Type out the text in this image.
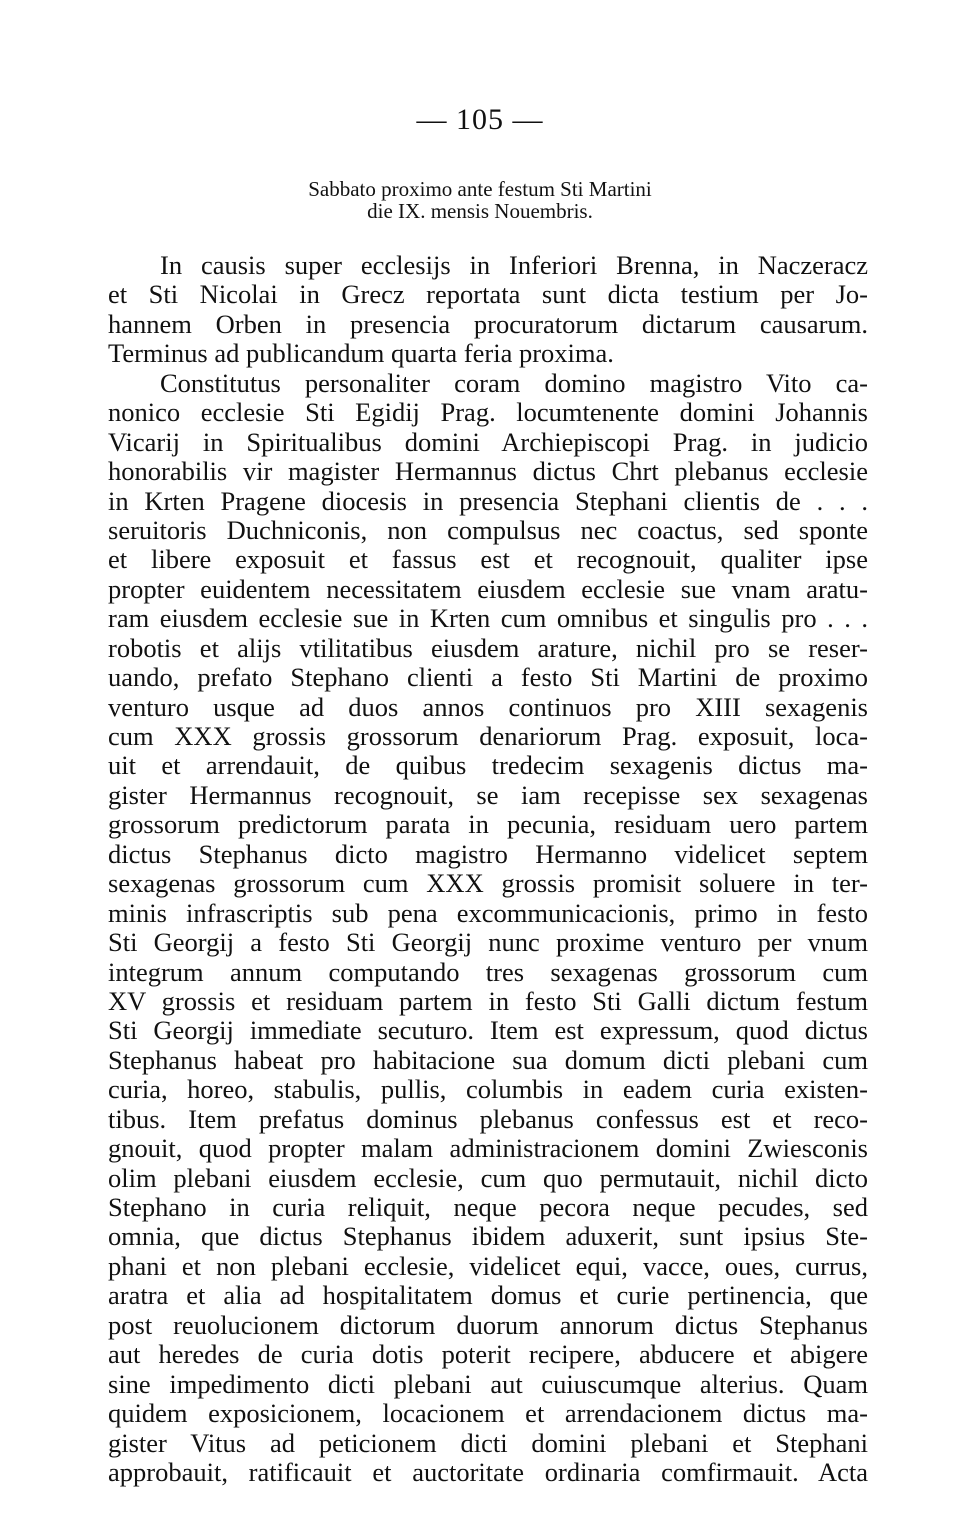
— 105 —
Sabbato proximo ante festum Sti Martini
die IX. mensis Nouembris.
In causis super ecclesijs in Inferiori Brenna, in Naczeracz
et Sti Nicolai in Grecz reportata sunt dicta testium per Jo-
hannem Orben in presencia procuratorum dictarum causarum.
Terminus ad publicandum quarta feria proxima.
Constitutus personaliter coram domino magistro Vito ca-
nonico ecclesie Sti Egidij Prag. locumtenente domini Johannis
Vicarij in Spiritualibus domini Archiepiscopi Prag. in judicio
honorabilis vir magister Hermannus dictus Chrt plebanus ecclesie
in Krten Pragene diocesis in presencia Stephani clientis de . . .
seruitoris Duchniconis, non compulsus nec coactus, sed sponte
et libere exposuit et fassus est et recognouit, qualiter ipse
propter euidentem necessitatem eiusdem ecclesie sue vnam aratu-
ram eiusdem ecclesie sue in Krten cum omnibus et singulis pro . . .
robotis et alijs vtilitatibus eiusdem arature, nichil pro se reser-
uando, prefato Stephano clienti a festo Sti Martini de proximo
venturo usque ad duos annos continuos pro XIII sexagenis
cum XXX grossis grossorum denariorum Prag. exposuit, loca-
uit et arrendauit, de quibus tredecim sexagenis dictus ma-
gister Hermannus recognouit, se iam recepisse sex sexagenas
grossorum predictorum parata in pecunia, residuam uero partem
dictus Stephanus dicto magistro Hermanno videlicet septem
sexagenas grossorum cum XXX grossis promisit soluere in ter-
minis infrascriptis sub pena excommunicacionis, primo in festo
Sti Georgij a festo Sti Georgij nunc proxime venturo per vnum
integrum annum computando tres sexagenas grossorum cum
XV grossis et residuam partem in festo Sti Galli dictum festum
Sti Georgij immediate secuturo. Item est expressum, quod dictus
Stephanus habeat pro habitacione sua domum dicti plebani cum
curia, horeo, stabulis, pullis, columbis in eadem curia existen-
tibus. Item prefatus dominus plebanus confessus est et reco-
gnouit, quod propter malam administracionem domini Zwiesconis
olim plebani eiusdem ecclesie, cum quo permutauit, nichil dicto
Stephano in curia reliquit, neque pecora neque pecudes, sed
omnia, que dictus Stephanus ibidem aduxerit, sunt ipsius Ste-
phani et non plebani ecclesie, videlicet equi, vacce, oues, currus,
aratra et alia ad hospitalitatem domus et curie pertinencia, que
post reuolucionem dictorum duorum annorum dictus Stephanus
aut heredes de curia dotis poterit recipere, abducere et abigere
sine impedimento dicti plebani aut cuiuscumque alterius. Quam
quidem exposicionem, locacionem et arrendacionem dictus ma-
gister Vitus ad peticionem dicti domini plebani et Stephani
approbauit, ratificauit et auctoritate ordinaria comfirmauit. Acta
